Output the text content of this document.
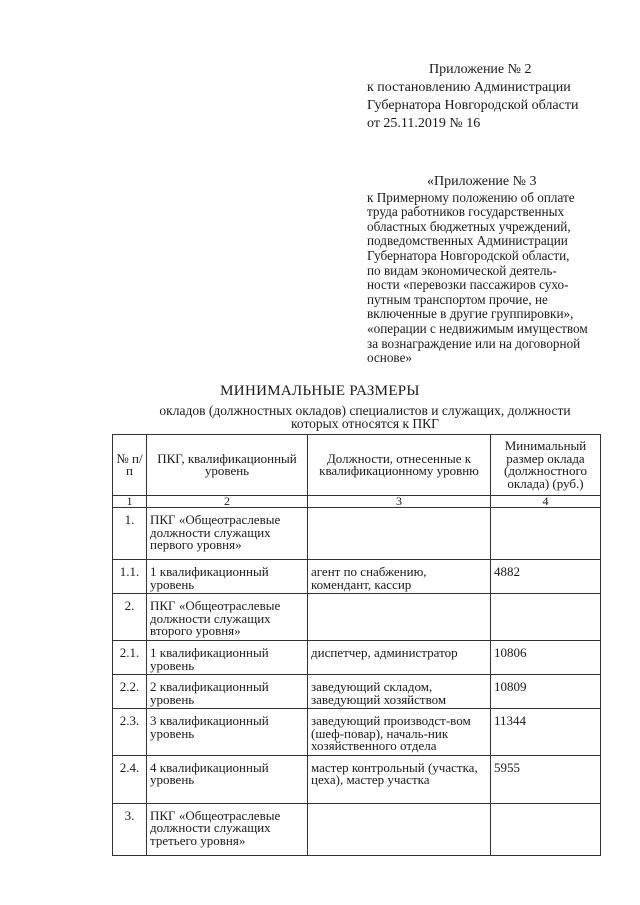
Приложение № 2
к постановлению Администрации
Губернатора Новгородской области
от 25.11.2019 № 16
«Приложение № 3
к Примерному положению об оплате
труда работников государственных
областных бюджетных учреждений,
подведомственных Администрации
Губернатора Новгородской области,
по видам экономической деятель-
ности «перевозки пассажиров сухо-
путным транспортом прочие, не
включенные в другие группировки»,
«операции с недвижимым имуществом
за вознаграждение или на договорной
основе»
МИНИМАЛЬНЫЕ РАЗМЕРЫ
окладов (должностных окладов) специалистов и служащих, должности
которых относятся к ПКГ
№ п/п	ПКГ, квалификационный уровень	Должности, отнесенные к квалификационному уровню	Минимальный размер оклада (должностного оклада) (руб.)
1	2	3	4
1.	ПКГ «Общеотраслевые должности служащих первого уровня»		
1.1.	1 квалификационный уровень	агент по снабжению, комендант, кассир	4882
2.	ПКГ «Общеотраслевые должности служащих второго уровня»		
2.1.	1 квалификационный уровень	диспетчер, администратор	10806
2.2.	2 квалификационный уровень	заведующий складом, заведующий хозяйством	10809
2.3.	3 квалификационный уровень	заведующий производст-вом (шеф-повар), началь-ник хозяйственного отдела	11344
2.4.	4 квалификационный уровень	мастер контрольный (участка, цеха), мастер участка	5955
3.	ПКГ «Общеотраслевые должности служащих третьего уровня»		
